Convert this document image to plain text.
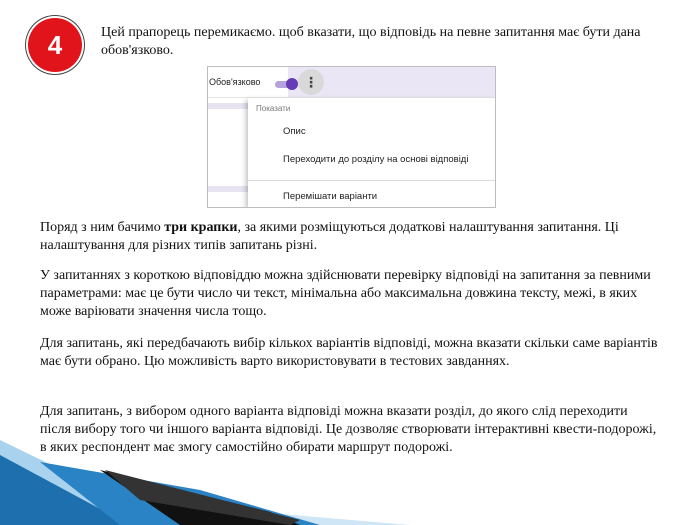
4	Цей прапорець перемикаємо. щоб вказати, що відповідь на певне запитання має бути дана обов'язково.
Обов'язково	⋮
Показати
Опис
Переходити до розділу на основі відповіді
Перемішати варіанти

Поряд з ним бачимо три крапки, за якими розміщуються додаткові налаштування запитання. Ці налаштування для різних типів запитань різні.

У запитаннях з короткою відповіддю можна здійснювати перевірку відповіді на запитання за певними параметрами: має це бути число чи текст, мінімальна або максимальна довжина тексту, межі, в яких може варіювати значення числа тощо.

Для запитань, які передбачають вибір кількох варіантів відповіді, можна вказати скільки саме варіантів має бути обрано. Цю можливість варто використовувати в тестових завданнях.

Для запитань, з вибором одного варіанта відповіді можна вказати розділ, до якого слід переходити після вибору того чи іншого варіанта відповіді. Це дозволяє створювати інтерактивні квести-подорожі, в яких респондент має змогу самостійно обирати маршрут подорожі.
